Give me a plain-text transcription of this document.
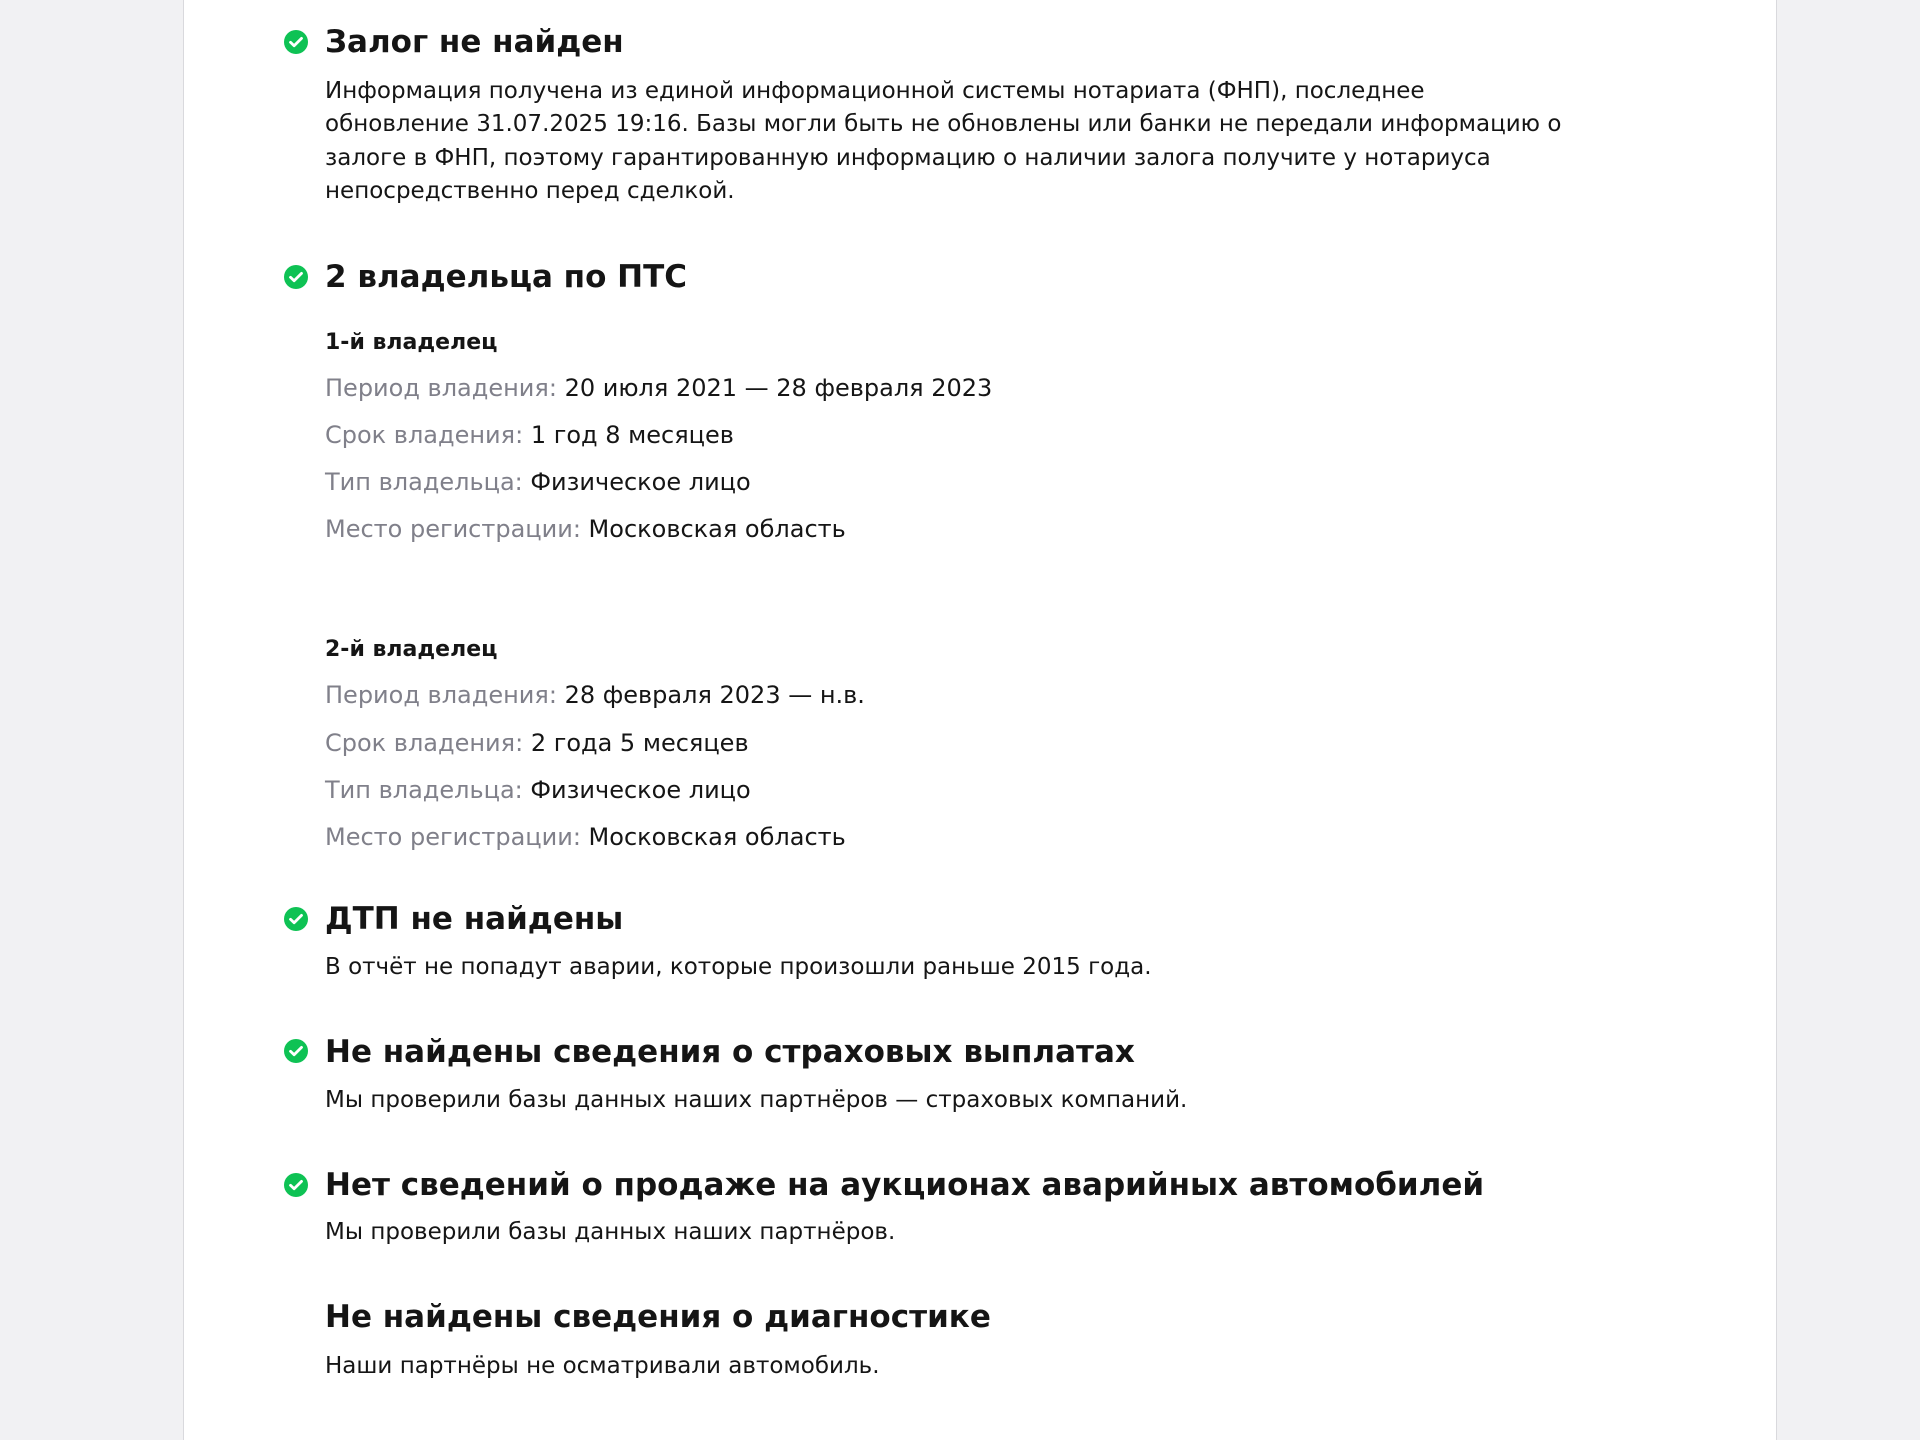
Залог не найден

Информация получена из единой информационной системы нотариата (ФНП), последнее

обновление 31.07.2025 19:16. Базы могли быть не обновлены или банки не передали информацию о

залоге в ФНП, поэтому гарантированную информацию о наличии залога получите у нотариуса

непосредственно перед сделкой.

2 владельца по ПТС
1-й владелец

Период владения: 20 июля 2021 — 28 февраля 2023

Срок владения: 1 год 8 месяцев

Тип владельца: Физическое лицо

Место регистрации: Московская область

2-й владелец

Период владения: 28 февраля 2023 — н.в.

Срок владения: 2 года 5 месяцев

Тип владельца: Физическое лицо

Место регистрации: Московская область

ДТП не найдены

В отчёт не попадут аварии, которые произошли раньше 2015 года.

Не найдены сведения о страховых выплатах

Мы проверили базы данных наших партнёров — страховых компаний.

Нет сведений о продаже на аукционах аварийных автомобилей

Мы проверили базы данных наших партнёров.

Не найдены сведения о диагностике

Наши партнёры не осматривали автомобиль.
